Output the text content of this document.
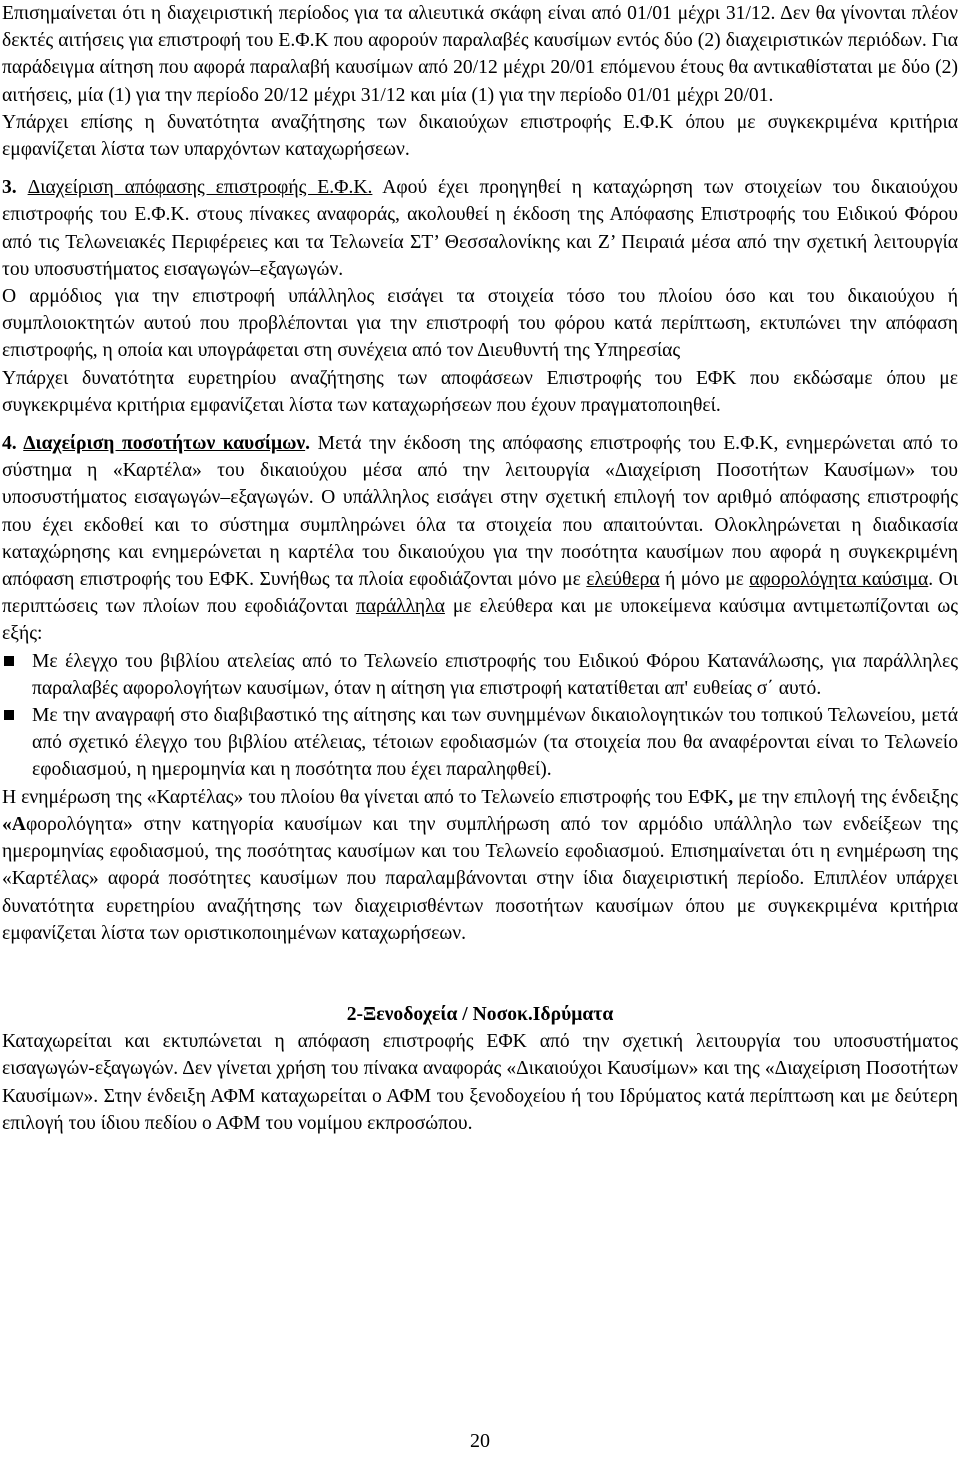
Επισημαίνεται ότι η διαχειριστική περίοδος για τα αλιευτικά σκάφη είναι από 01/01 μέχρι 31/12. Δεν θα γίνονται πλέον δεκτές αιτήσεις για επιστροφή του Ε.Φ.Κ που αφορούν παραλαβές καυσίμων εντός δύο (2) διαχειριστικών περιόδων. Για παράδειγμα αίτηση που αφορά παραλαβή καυσίμων από 20/12 μέχρι 20/01 επόμενου έτους θα αντικαθίσταται με δύο (2) αιτήσεις, μία (1) για την περίοδο 20/12 μέχρι 31/12 και μία (1) για την περίοδο 01/01 μέχρι 20/01.

Υπάρχει επίσης η δυνατότητα αναζήτησης των δικαιούχων επιστροφής Ε.Φ.Κ όπου με συγκεκριμένα κριτήρια εμφανίζεται λίστα των υπαρχόντων καταχωρήσεων.

3. Διαχείριση απόφασης επιστροφής Ε.Φ.Κ. Αφού έχει προηγηθεί η καταχώρηση των στοιχείων του δικαιούχου επιστροφής του Ε.Φ.Κ. στους πίνακες αναφοράς, ακολουθεί η έκδοση της Απόφασης Επιστροφής του Ειδικού Φόρου από τις Τελωνειακές Περιφέρειες και τα Τελωνεία ΣΤ’ Θεσσαλονίκης και Ζ’ Πειραιά μέσα από την σχετική λειτουργία του υποσυστήματος εισαγωγών–εξαγωγών.

Ο αρμόδιος για την επιστροφή υπάλληλος εισάγει τα στοιχεία τόσο του πλοίου όσο και του δικαιούχου ή συμπλοιοκτητών αυτού που προβλέπονται για την επιστροφή του φόρου κατά περίπτωση, εκτυπώνει την απόφαση επιστροφής, η οποία και υπογράφεται στη συνέχεια από τον Διευθυντή της Υπηρεσίας

Υπάρχει δυνατότητα ευρετηρίου αναζήτησης των αποφάσεων Επιστροφής του ΕΦΚ που εκδώσαμε όπου με συγκεκριμένα κριτήρια εμφανίζεται λίστα των καταχωρήσεων που έχουν πραγματοποιηθεί.

4. Διαχείριση ποσοτήτων καυσίμων. Μετά την έκδοση της απόφασης επιστροφής του Ε.Φ.Κ, ενημερώνεται από το σύστημα η «Καρτέλα» του δικαιούχου μέσα από την λειτουργία «Διαχείριση Ποσοτήτων Καυσίμων» του υποσυστήματος εισαγωγών–εξαγωγών. Ο υπάλληλος εισάγει στην σχετική επιλογή τον αριθμό απόφασης επιστροφής που έχει εκδοθεί και το σύστημα συμπληρώνει όλα τα στοιχεία που απαιτούνται. Ολοκληρώνεται η διαδικασία καταχώρησης και ενημερώνεται η καρτέλα του δικαιούχου για την ποσότητα καυσίμων που αφορά η συγκεκριμένη απόφαση επιστροφής του ΕΦΚ. Συνήθως τα πλοία εφοδιάζονται μόνο με ελεύθερα ή μόνο με αφορολόγητα καύσιμα. Οι περιπτώσεις των πλοίων που εφοδιάζονται παράλληλα με ελεύθερα και με υποκείμενα καύσιμα αντιμετωπίζονται ως εξής:

Με έλεγχο του βιβλίου ατελείας από το Τελωνείο επιστροφής του Ειδικού Φόρου Κατανάλωσης, για παράλληλες παραλαβές αφορολογήτων καυσίμων, όταν η αίτηση για επιστροφή κατατίθεται απ' ευθείας σ΄ αυτό.
Με την αναγραφή στο διαβιβαστικό της αίτησης και των συνημμένων δικαιολογητικών του τοπικού Τελωνείου, μετά από σχετικό έλεγχο του βιβλίου ατέλειας, τέτοιων εφοδιασμών (τα στοιχεία που θα αναφέρονται είναι το Τελωνείο εφοδιασμού, η ημερομηνία και η ποσότητα που έχει παραληφθεί).

Η ενημέρωση της «Καρτέλας» του πλοίου θα γίνεται από το Τελωνείο επιστροφής του ΕΦΚ, με την επιλογή της ένδειξης «Αφορολόγητα» στην κατηγορία καυσίμων και την συμπλήρωση από τον αρμόδιο υπάλληλο των ενδείξεων της ημερομηνίας εφοδιασμού, της ποσότητας καυσίμων και του Τελωνείο εφοδιασμού. Επισημαίνεται ότι η ενημέρωση της «Καρτέλας» αφορά ποσότητες καυσίμων που παραλαμβάνονται στην ίδια διαχειριστική περίοδο. Επιπλέον υπάρχει δυνατότητα ευρετηρίου αναζήτησης των διαχειρισθέντων ποσοτήτων καυσίμων όπου με συγκεκριμένα κριτήρια εμφανίζεται λίστα των οριστικοποιημένων καταχωρήσεων.

2-Ξενοδοχεία / Νοσοκ.Ιδρύματα

Καταχωρείται και εκτυπώνεται η απόφαση επιστροφής ΕΦΚ από την σχετική λειτουργία του υποσυστήματος εισαγωγών-εξαγωγών. Δεν γίνεται χρήση του πίνακα αναφοράς «Δικαιούχοι Καυσίμων» και της «Διαχείριση Ποσοτήτων Καυσίμων». Στην ένδειξη ΑΦΜ καταχωρείται ο ΑΦΜ του ξενοδοχείου ή του Ιδρύματος κατά περίπτωση και με δεύτερη επιλογή του ίδιου πεδίου ο ΑΦΜ του νομίμου εκπροσώπου.

20
